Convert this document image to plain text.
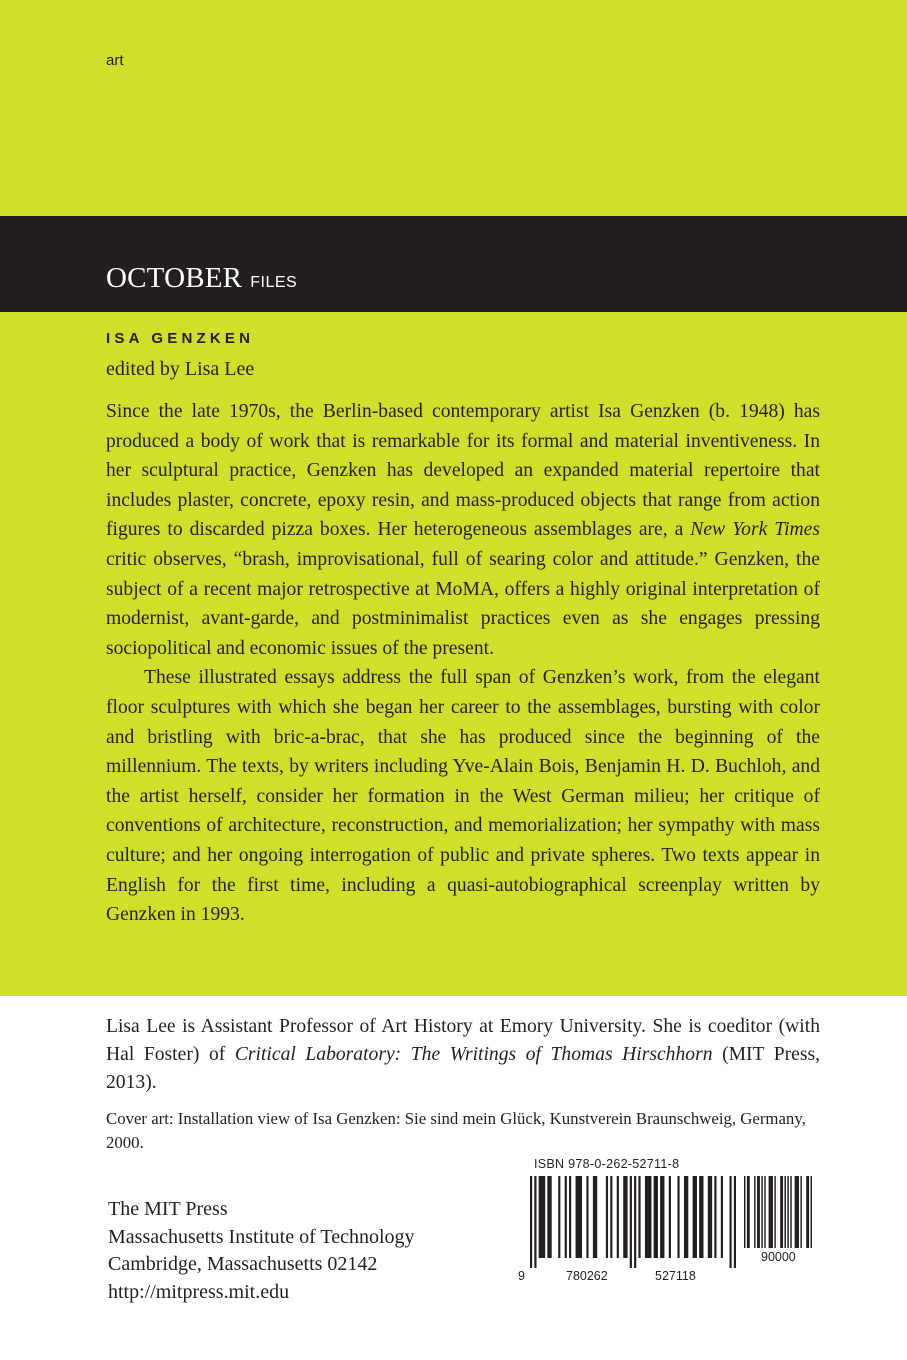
art
OCTOBER FILES
ISA GENZKEN
edited by Lisa Lee

Since the late 1970s, the Berlin-based contemporary artist Isa Genzken (b. 1948) has produced a body of work that is remarkable for its formal and material inventiveness. In her sculptural practice, Genzken has developed an expanded material repertoire that includes plaster, concrete, epoxy resin, and mass-produced objects that range from action figures to discarded pizza boxes. Her heterogeneous assemblages are, a New York Times critic observes, “brash, improvisational, full of searing color and attitude.” Genzken, the subject of a recent major retrospective at MoMA, offers a highly original interpretation of modernist, avant-garde, and postminimalist practices even as she engages pressing sociopolitical and economic issues of the present.

These illustrated essays address the full span of Genzken’s work, from the elegant floor sculptures with which she began her career to the assemblages, bursting with color and bristling with bric-a-brac, that she has produced since the beginning of the millennium. The texts, by writers including Yve-Alain Bois, Benjamin H. D. Buchloh, and the artist herself, consider her formation in the West German milieu; her critique of conventions of architecture, reconstruction, and memorialization; her sympathy with mass culture; and her ongoing interrogation of public and private spheres. Two texts appear in English for the first time, including a quasi-autobiographical screenplay written by Genzken in 1993.

Lisa Lee is Assistant Professor of Art History at Emory University. She is coeditor (with Hal Foster) of Critical Laboratory: The Writings of Thomas Hirschhorn (MIT Press, 2013).
Cover art: Installation view of Isa Genzken: Sie sind mein Glück, Kunstverein Braunschweig, Germany, 2000.
The MIT Press
Massachusetts Institute of Technology
Cambridge, Massachusetts 02142
http://mitpress.mit.edu
ISBN 978-0-262-52711-8
9	780262	527118
90000
